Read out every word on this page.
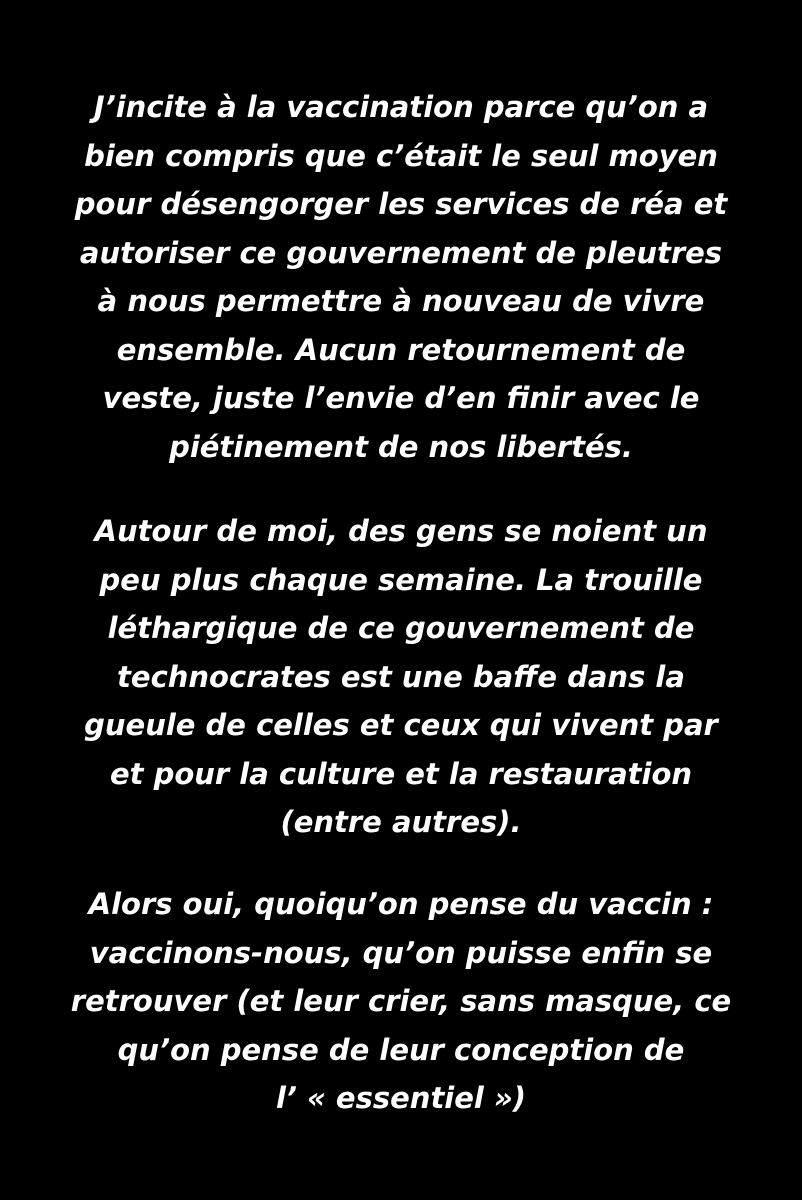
J’incite à la vaccination parce qu’on a
bien compris que c’était le seul moyen
pour désengorger les services de réa et
autoriser ce gouvernement de pleutres
à nous permettre à nouveau de vivre
ensemble. Aucun retournement de
veste, juste l’envie d’en finir avec le
piétinement de nos libertés.
Autour de moi, des gens se noient un
peu plus chaque semaine. La trouille
léthargique de ce gouvernement de
technocrates est une baffe dans la
gueule de celles et ceux qui vivent par
et pour la culture et la restauration
(entre autres).
Alors oui, quoiqu’on pense du vaccin :
vaccinons-nous, qu’on puisse enfin se
retrouver (et leur crier, sans masque, ce
qu’on pense de leur conception de
l’ « essentiel »)
